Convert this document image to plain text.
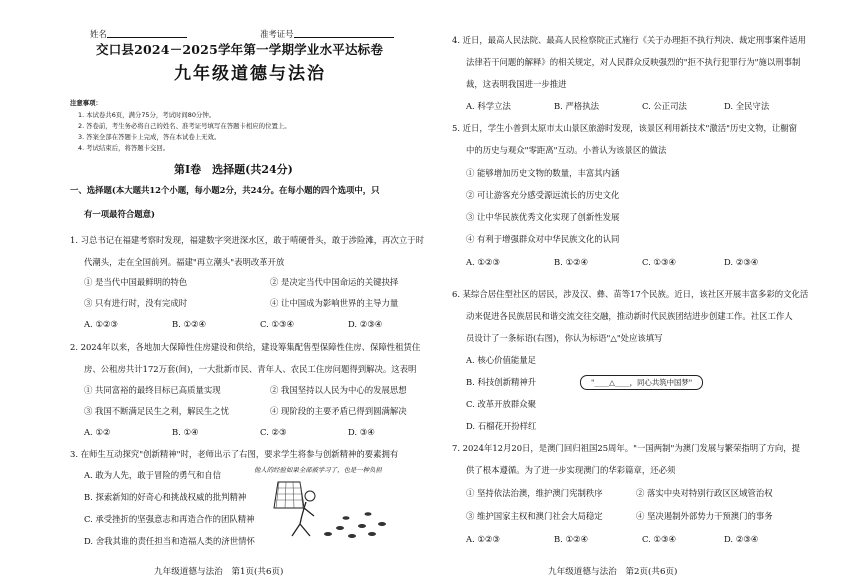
姓名	准考证号
交口县2024－2025学年第一学期学业水平达标卷
九年级道德与法治
注意事项：
1. 本试卷共6页，满分75分，考试时间80分钟。
2. 答卷前，考生务必将自己的姓名、准考证号填写在答题卡相应的位置上。
3. 答案全部在答题卡上完成，答在本试卷上无效。
4. 考试结束后，将答题卡交回。
第Ⅰ卷　选择题(共24分)
一、选择题(本大题共12个小题，每小题2分，共24分。在每小题的四个选项中，只
有一项最符合题意)
1. 习总书记在福建考察时发现，福建数字突进深水区，敢于啃硬骨头，敢于涉险滩，再次立于时
代潮头，走在全国前列。福建"再立潮头"表明改革开放
① 是当代中国最鲜明的特色	② 是决定当代中国命运的关键抉择
③ 只有进行时，没有完成时	④ 让中国成为影响世界的主导力量
A. ①②③	B. ①②④	C. ①③④	D. ②③④
2. 2024年以来，各地加大保障性住房建设和供给，建设筹集配售型保障性住房、保障性租赁住
房、公租房共计172万套(间)，一大批新市民、青年人、农民工住房问题得到解决。这表明
① 共同富裕的最终目标已高质量实现	② 我国坚持以人民为中心的发展思想
③ 我国不断满足民生之利，解民生之忧	④ 现阶段的主要矛盾已得到圆满解决
A. ①②	B. ①④	C. ②③	D. ③④
3. 在师生互动探究"创新精神"时，老师出示了右图，要求学生将参与创新精神的要素拥有
A. 敢为人先，敢于冒险的勇气和自信
B. 探索新知的好奇心和挑战权威的批判精神
C. 承受挫折的坚强意志和再造合作的团队精神
D. 舍我其谁的责任担当和造福人类的济世情怀
他人的经验如果全部被学习了，也是一种负担
九年级道德与法治　第1页(共6页)
4. 近日，最高人民法院、最高人民检察院正式施行《关于办理拒不执行判决、裁定刑事案件适用
法律若干问题的解释》的相关规定，对人民群众反映强烈的"拒不执行犯罪行为"施以刑事制
裁，这表明我国进一步推进
A. 科学立法	B. 严格执法	C. 公正司法	D. 全民守法
5. 近日，学生小普到太原市太山景区旅游时发现，该景区利用新技术"激活"历史文物，让橱窗
中的历史与观众"零距离"互动。小普认为该景区的做法
① 能够增加历史文物的数量，丰富其内涵
② 可让游客充分感受源远流长的历史文化
③ 让中华民族优秀文化实现了创新性发展
④ 有利于增强群众对中华民族文化的认同
A. ①②③	B. ①②④	C. ①③④	D. ②③④
6. 某综合居住型社区的居民，涉及汉、彝、苗等17个民族。近日，该社区开展丰富多彩的文化活
动来促进各民族居民和谐交流交往交融，推动新时代民族团结进步创建工作。社区工作人
员设计了一条标语(右图)，你认为标语"△"处应该填写
A. 核心价值能量足
B. 科技创新精神升
C. 改革开放群众聚
D. 石榴花开扮样红
"____△____，同心共筑中国梦"
7. 2024年12月20日，是澳门回归祖国25周年。"一国两制"为澳门发展与繁荣指明了方向，提
供了根本遵循。为了进一步实现澳门的华彩篇章，还必须
① 坚持依法治澳，维护澳门宪制秩序	② 落实中央对特别行政区区域管治权
③ 维护国家主权和澳门社会大局稳定	④ 坚决遏制外部势力干预澳门的事务
A. ①②③	B. ①②④	C. ①③④	D. ②③④
九年级道德与法治　第2页(共6页)
